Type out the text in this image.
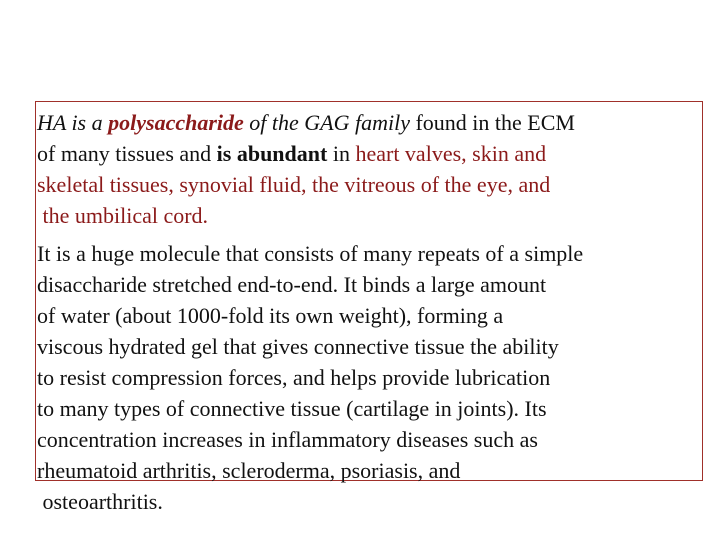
HA is a polysaccharide of the GAG family found in the ECM
of many tissues and is abundant in heart valves, skin and
skeletal tissues, synovial fluid, the vitreous of the eye, and
the umbilical cord.
It is a huge molecule that consists of many repeats of a simple
disaccharide stretched end-to-end. It binds a large amount
of water (about 1000-fold its own weight), forming a
viscous hydrated gel that gives connective tissue the ability
to resist compression forces, and helps provide lubrication
to many types of connective tissue (cartilage in joints). Its
concentration increases in inflammatory diseases such as
rheumatoid arthritis, scleroderma, psoriasis, and
osteoarthritis.
